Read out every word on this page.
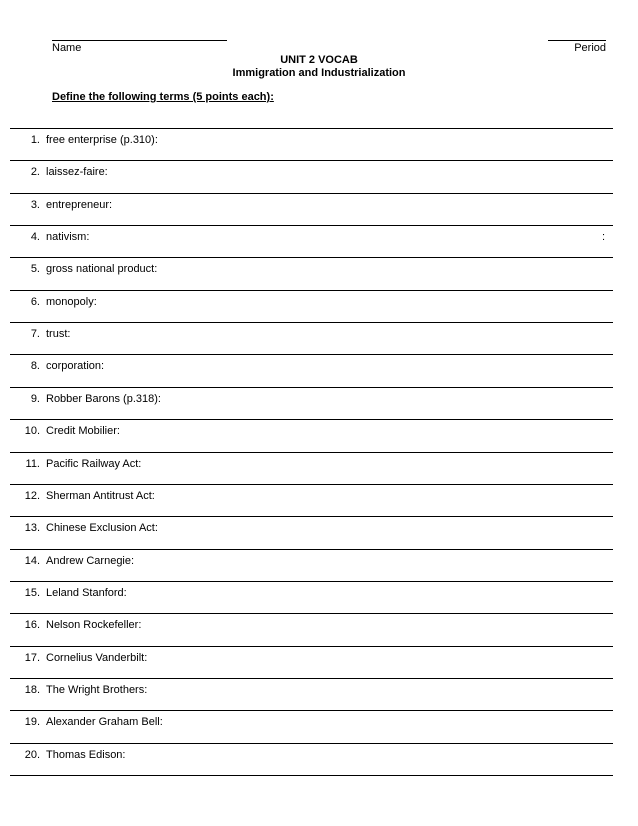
Name	Period
UNIT 2 VOCAB
Immigration and Industrialization
Define the following terms (5 points each):
1. free enterprise (p.310):
2. laissez-faire:
3. entrepreneur:
4. nativism:
5. gross national product:
6. monopoly:
7. trust:
8. corporation:
9. Robber Barons (p.318):
10. Credit Mobilier:
11. Pacific Railway Act:
12. Sherman Antitrust Act:
13. Chinese Exclusion Act:
14. Andrew Carnegie:
15. Leland Stanford:
16. Nelson Rockefeller:
17. Cornelius Vanderbilt:
18. The Wright Brothers:
19. Alexander Graham Bell:
20. Thomas Edison:
:
